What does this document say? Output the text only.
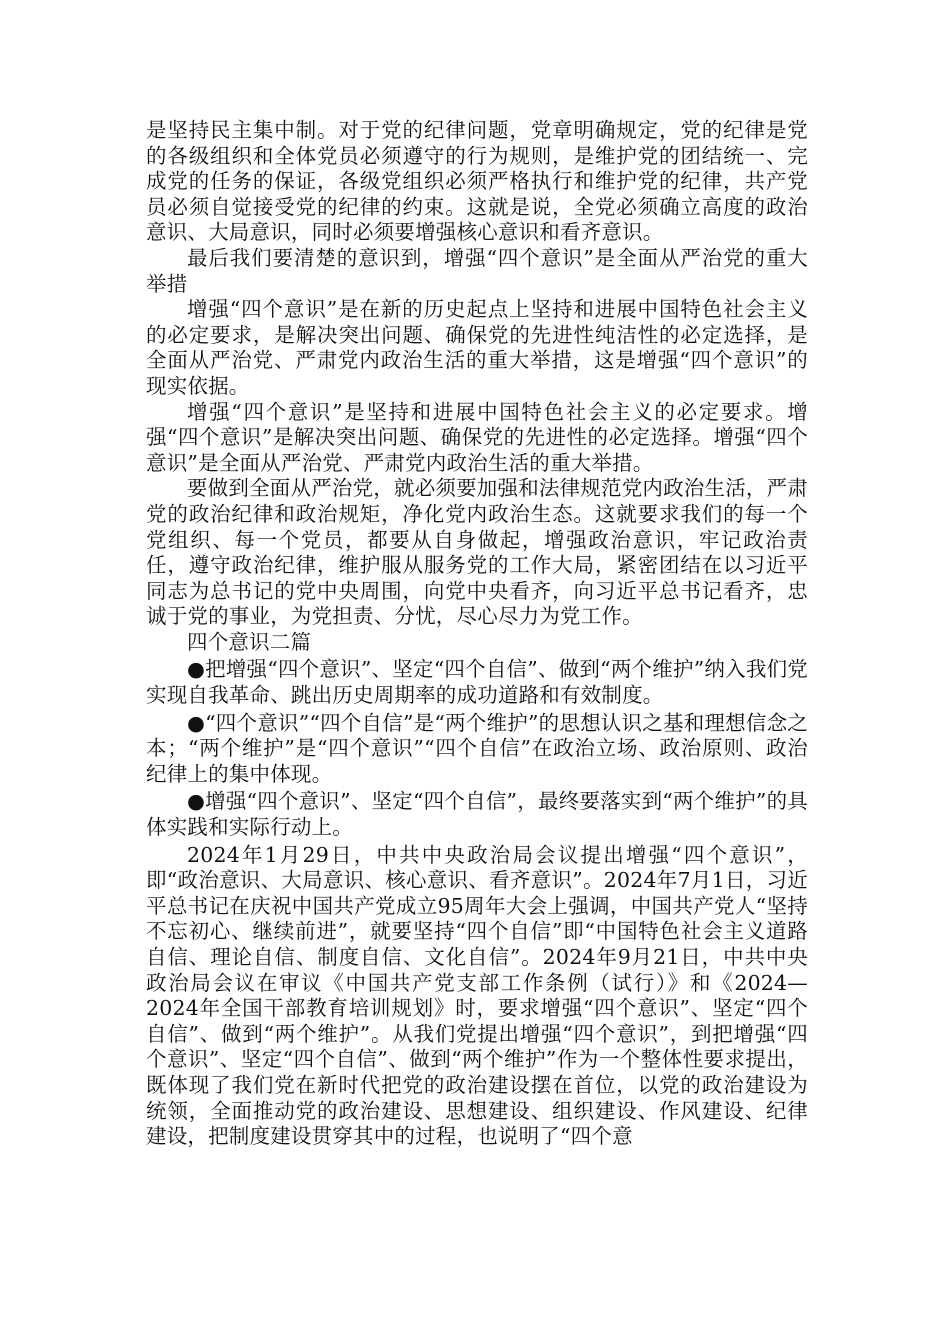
是坚持民主集中制。对于党的纪律问题，党章明确规定，党的纪律是党的各级组织和全体党员必须遵守的行为规则，是维护党的团结统一、完成党的任务的保证，各级党组织必须严格执行和维护党的纪律，共产党员必须自觉接受党的纪律的约束。这就是说，全党必须确立高度的政治意识、大局意识，同时必须要增强核心意识和看齐意识。

最后我们要清楚的意识到，增强“四个意识”是全面从严治党的重大举措

增强“四个意识”是在新的历史起点上坚持和进展中国特色社会主义的必定要求，是解决突出问题、确保党的先进性纯洁性的必定选择，是全面从严治党、严肃党内政治生活的重大举措，这是增强“四个意识”的现实依据。

增强“四个意识”是坚持和进展中国特色社会主义的必定要求。增强“四个意识”是解决突出问题、确保党的先进性的必定选择。增强“四个意识”是全面从严治党、严肃党内政治生活的重大举措。

要做到全面从严治党，就必须要加强和法律规范党内政治生活，严肃党的政治纪律和政治规矩，净化党内政治生态。这就要求我们的每一个党组织、每一个党员，都要从自身做起，增强政治意识，牢记政治责任，遵守政治纪律，维护服从服务党的工作大局，紧密团结在以习近平同志为总书记的党中央周围，向党中央看齐，向习近平总书记看齐，忠诚于党的事业，为党担责、分忧，尽心尽力为党工作。

四个意识二篇

●把增强“四个意识”、坚定“四个自信”、做到“两个维护”纳入我们党实现自我革命、跳出历史周期率的成功道路和有效制度。

●“四个意识”“四个自信”是“两个维护”的思想认识之基和理想信念之本；“两个维护”是“四个意识”“四个自信”在政治立场、政治原则、政治纪律上的集中体现。

●增强“四个意识”、坚定“四个自信”，最终要落实到“两个维护”的具体实践和实际行动上。

2024年1月29日，中共中央政治局会议提出增强“四个意识”，即“政治意识、大局意识、核心意识、看齐意识”。2024年7月1日，习近平总书记在庆祝中国共产党成立95周年大会上强调，中国共产党人“坚持不忘初心、继续前进”，就要坚持“四个自信”即“中国特色社会主义道路自信、理论自信、制度自信、文化自信”。2024年9月21日，中共中央政治局会议在审议《中国共产党支部工作条例（试行）》和《2024—2024年全国干部教育培训规划》时，要求增强“四个意识”、坚定“四个自信”、做到“两个维护”。从我们党提出增强“四个意识”，到把增强“四个意识”、坚定“四个自信”、做到“两个维护”作为一个整体性要求提出，既体现了我们党在新时代把党的政治建设摆在首位，以党的政治建设为统领，全面推动党的政治建设、思想建设、组织建设、作风建设、纪律建设，把制度建设贯穿其中的过程，也说明了“四个意
